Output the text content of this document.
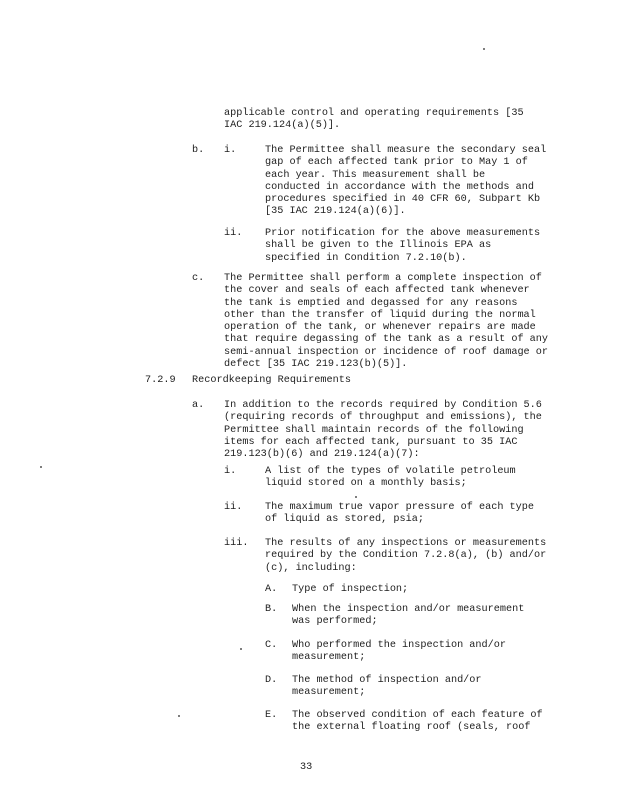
applicable control and operating requirements [35
IAC 219.124(a)(5)].

b. i.	The Permittee shall measure the secondary seal
gap of each affected tank prior to May 1 of
each year. This measurement shall be
conducted in accordance with the methods and
procedures specified in 40 CFR 60, Subpart Kb
[35 IAC 219.124(a)(6)].

ii. Prior notification for the above measurements
shall be given to the Illinois EPA as
specified in Condition 7.2.10(b).

c. The Permittee shall perform a complete inspection of
the cover and seals of each affected tank whenever
the tank is emptied and degassed for any reasons
other than the transfer of liquid during the normal
operation of the tank, or whenever repairs are made
that require degassing of the tank as a result of any
semi-annual inspection or incidence of roof damage or
defect [35 IAC 219.123(b)(5)].

7.2.9 Recordkeeping Requirements
a. In addition to the records required by Condition 5.6
(requiring records of throughput and emissions), the
Permittee shall maintain records of the following
items for each affected tank, pursuant to 35 IAC
219.123(b)(6) and 219.124(a)(7):

i.	A list of the types of volatile petroleum
liquid stored on a monthly basis;

ii. The maximum true vapor pressure of each type
of liquid as stored, psia;

iii. The results of any inspections or measurements
required by the Condition 7.2.8(a), (b) and/or
(c), including:

A. Type of inspection;

B. When the inspection and/or measurement
was performed;

C. Who performed the inspection and/or
measurement;

D. The method of inspection and/or
measurement;

E. The observed condition of each feature of
the external floating roof (seals, roof

33
